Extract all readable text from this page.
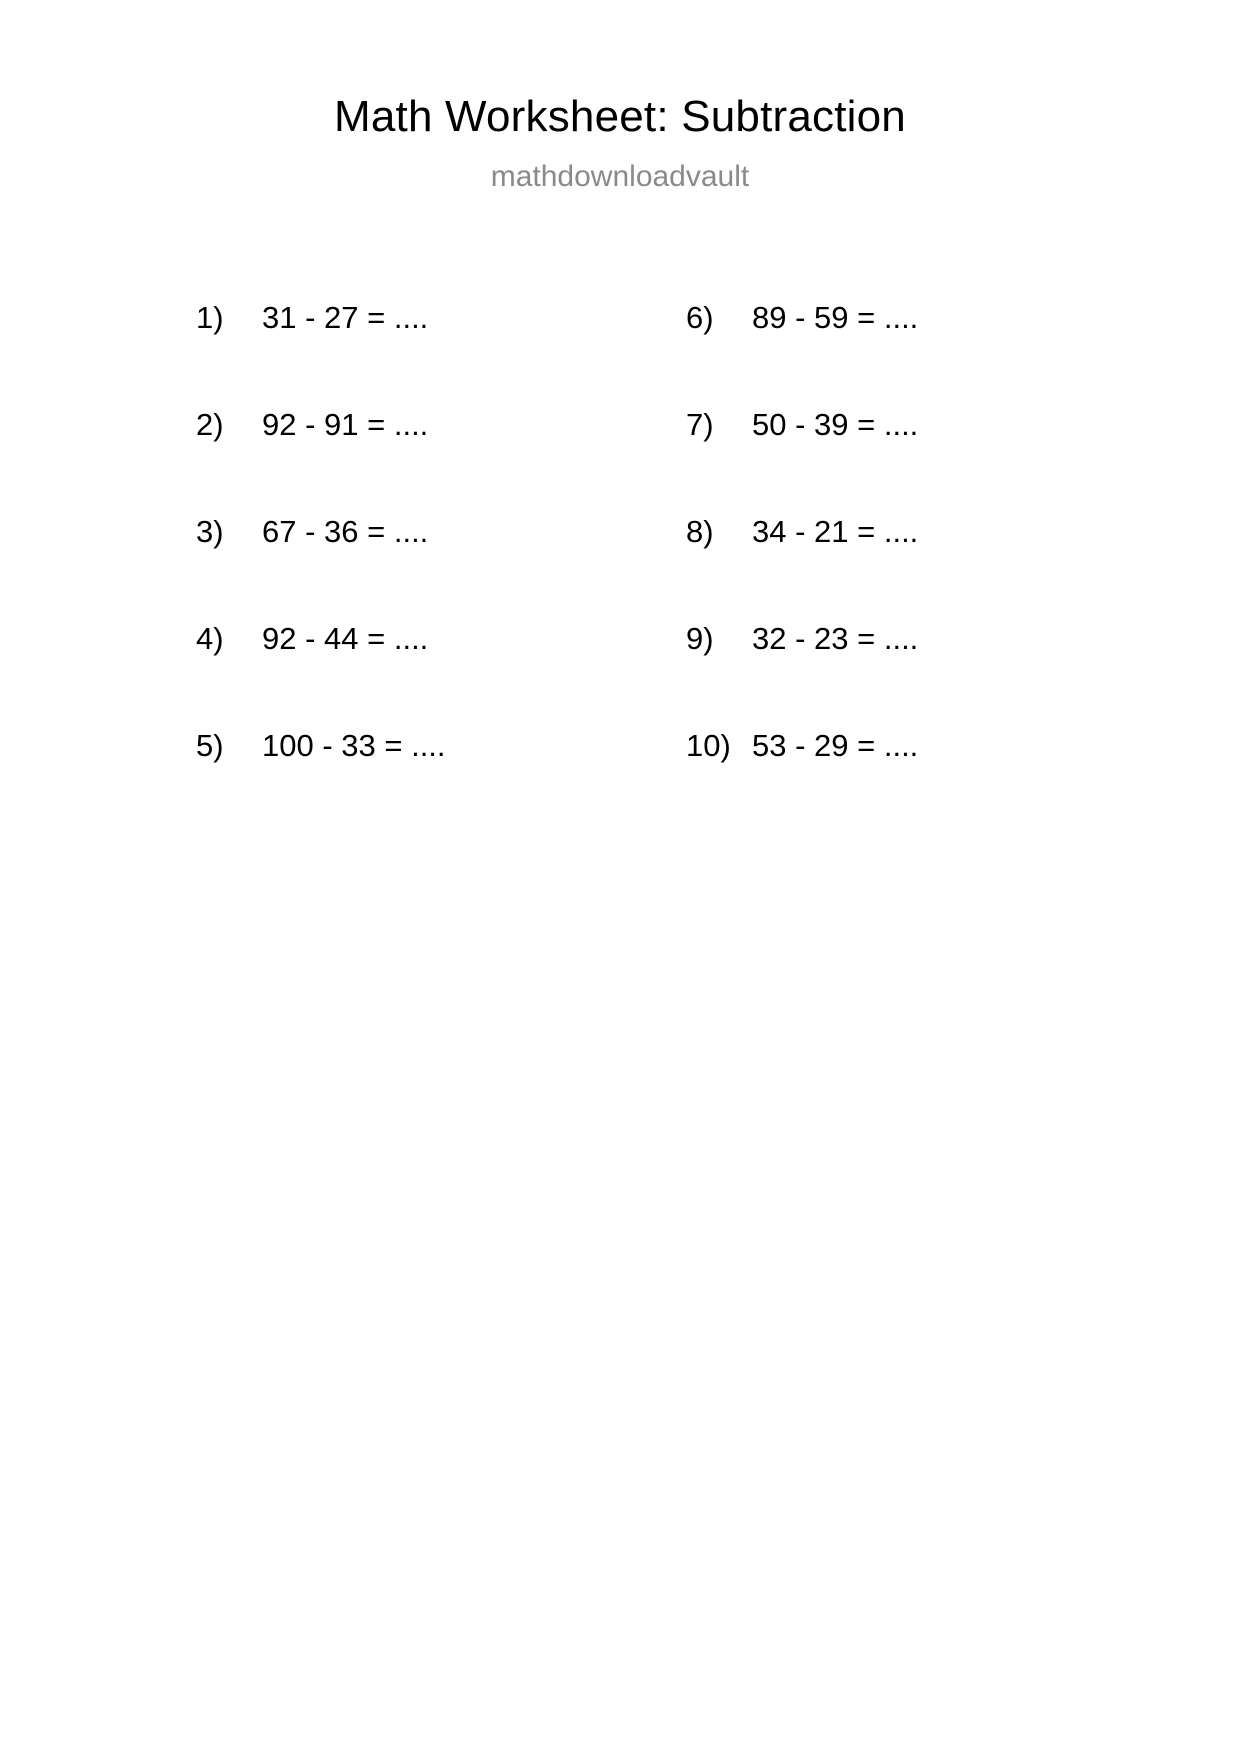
Math Worksheet: Subtraction
mathdownloadvault
1)	31 - 27 = ....
2)	92 - 91 = ....
3)	67 - 36 = ....
4)	92 - 44 = ....
5)	100 - 33 = ....
6)	89 - 59 = ....
7)	50 - 39 = ....
8)	34 - 21 = ....
9)	32 - 23 = ....
10) 53 - 29 = ....
